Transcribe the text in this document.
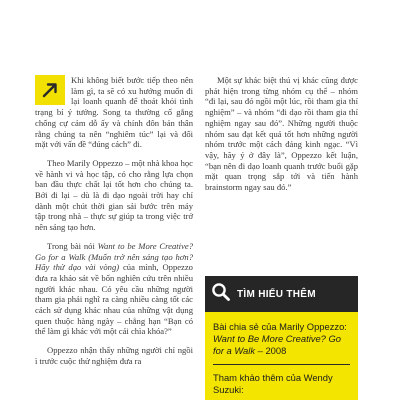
Khi không biết bước tiếp theo nên làm gì, ta sẽ có xu hướng muốn đi lại loanh quanh để thoát khỏi tình trạng bí ý tưởng. Song ta thường cố gắng chống cự cảm dỗ ấy và chính đôn bản thân rằng chúng ta nên “nghiêm túc” lại và đối mặt với vấn đề “đúng cách” đi.

Theo Marily Oppezzo – một nhà khoa học về hành vi và học tập, có cho rằng lựa chọn ban đầu thực chất lại tốt hơn cho chúng ta. Bởi đi lại – dù là đi dạo ngoài trời hay chỉ dành một chút thời gian sải bước trên máy tập trong nhà – thực sự giúp ta trong việc trở nên sáng tạo hơn.

Trong bài nói Want to be More Creative? Go for a Walk (Muốn trở nên sáng tạo hơn? Hãy thử dạo vài vòng) của mình, Oppezzo đưa ra khảo sát về bốn nghiên cứu trên nhiều người khác nhau. Có yêu cầu những người tham gia phải nghĩ ra càng nhiều càng tốt các cách sử dụng khác nhau của những vật dụng quen thuộc hàng ngày – chẳng hạn “Bạn có thể làm gì khác với một cái chìa khóa?”

Oppezzo nhận thấy những người chỉ ngồi ì trước cuộc thử nghiệm đưa ra

Một sự khác biệt thú vị khác cũng được phát hiện trong từng nhóm cụ thể – nhóm “đi lại, sau đó ngồi một lúc, rồi tham gia thí nghiệm” – và nhóm “đi dạo rồi tham gia thí nghiệm ngay sau đó”. Những người thuộc nhóm sau đạt kết quả tốt hơn những người nhóm trước một cách đáng kinh ngạc. “Vì vậy, hãy ý ở đây là”, Oppezzo kết luận, “bạn nên đi dạo loanh quanh trước buổi gặp mặt quan trọng sắp tới và tiến hành brainstorm ngay sau đó.”

TÌM HIỂU THÊM

Bài chia sẻ của Marily Oppezzo:
Want to Be More Creative? Go for a Walk – 2008

Tham khảo thêm của Wendy Suzuki:
